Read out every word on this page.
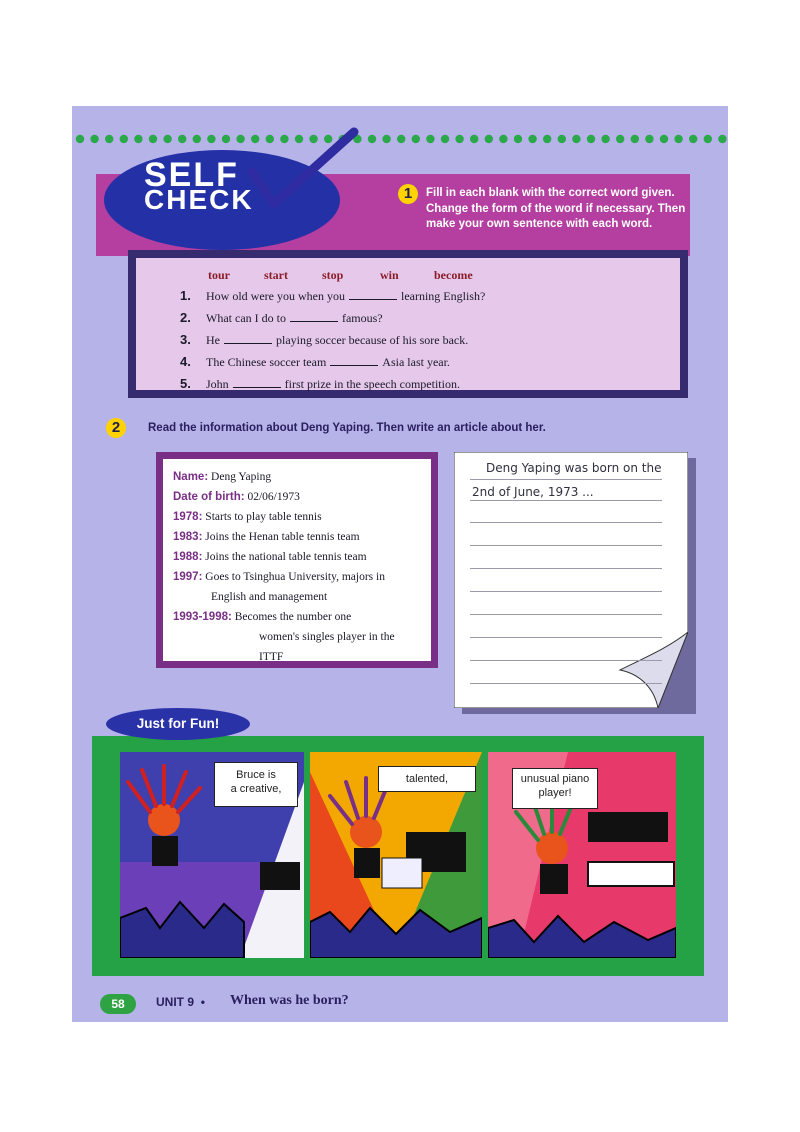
SELF
CHECK	1	Fill in each blank with the correct word given. Change the form of the word if necessary. Then make your own sentence with each word.
tour	start	stop	win	become
1. How old were you when you	learning English?
2. What can I do to	famous?
3. He	playing soccer because of his sore back.
4. The Chinese soccer team	Asia last year.
5. John	first prize in the speech competition.
2	Read the information about Deng Yaping. Then write an article about her.
Name: Deng Yaping
Date of birth: 02/06/1973
1978: Starts to play table tennis
1983: Joins the Henan table tennis team
1988: Joins the national table tennis team
1997: Goes to Tsinghua University, majors in
English and management
1993-1998: Becomes the number one
women's singles player in the
ITTF
Deng Yaping was born on the
2nd of June, 1973 ...
Bruce is
a creative,
talented,	unusual piano
player!
Just for Fun!
58	UNIT 9 • When was he born?
